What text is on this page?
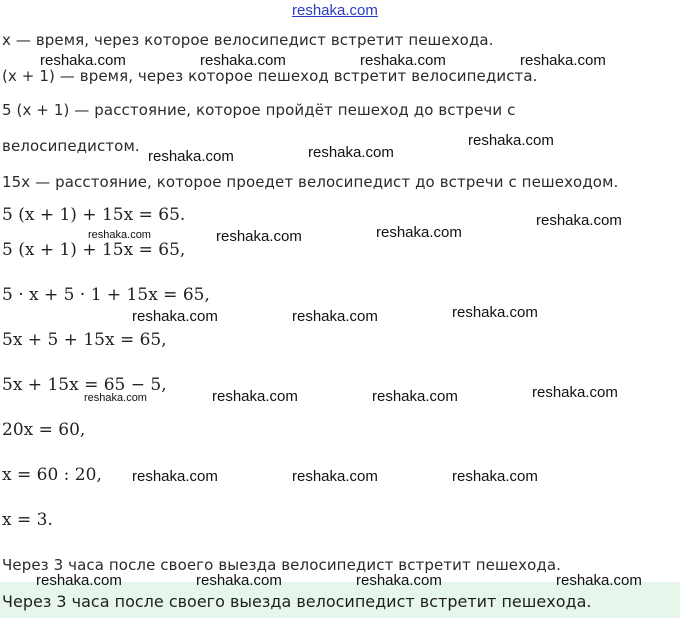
reshaka.com
x — время, через которое велосипедист встретит пешехода.
(x + 1) — время, через которое пешеход встретит велосипедиста.
5 (x + 1) — расстояние, которое пройдёт пешеход до встречи с
велосипедистом.
15x — расстояние, которое проедет велосипедист до встречи с пешеходом.
5 (x + 1) + 15x = 65.
5 (x + 1) + 15x = 65,
5 · x + 5 · 1 + 15x = 65,
5x + 5 + 15x = 65,
5x + 15x = 65 − 5,
20x = 60,
x = 60 : 20,
x = 3.
Через 3 часа после своего выезда велосипедист встретит пешехода.
Через 3 часа после своего выезда велосипедист встретит пешехода.
reshaka.com	reshaka.com	reshaka.com	reshaka.com
reshaka.com	reshaka.com
reshaka.com
reshaka.com	reshaka.com	reshaka.com
reshaka.com
reshaka.com	reshaka.com	reshaka.com
reshaka.com	reshaka.com	reshaka.com	reshaka.com
reshaka.com	reshaka.com	reshaka.com
reshaka.com	reshaka.com	reshaka.com	reshaka.com
